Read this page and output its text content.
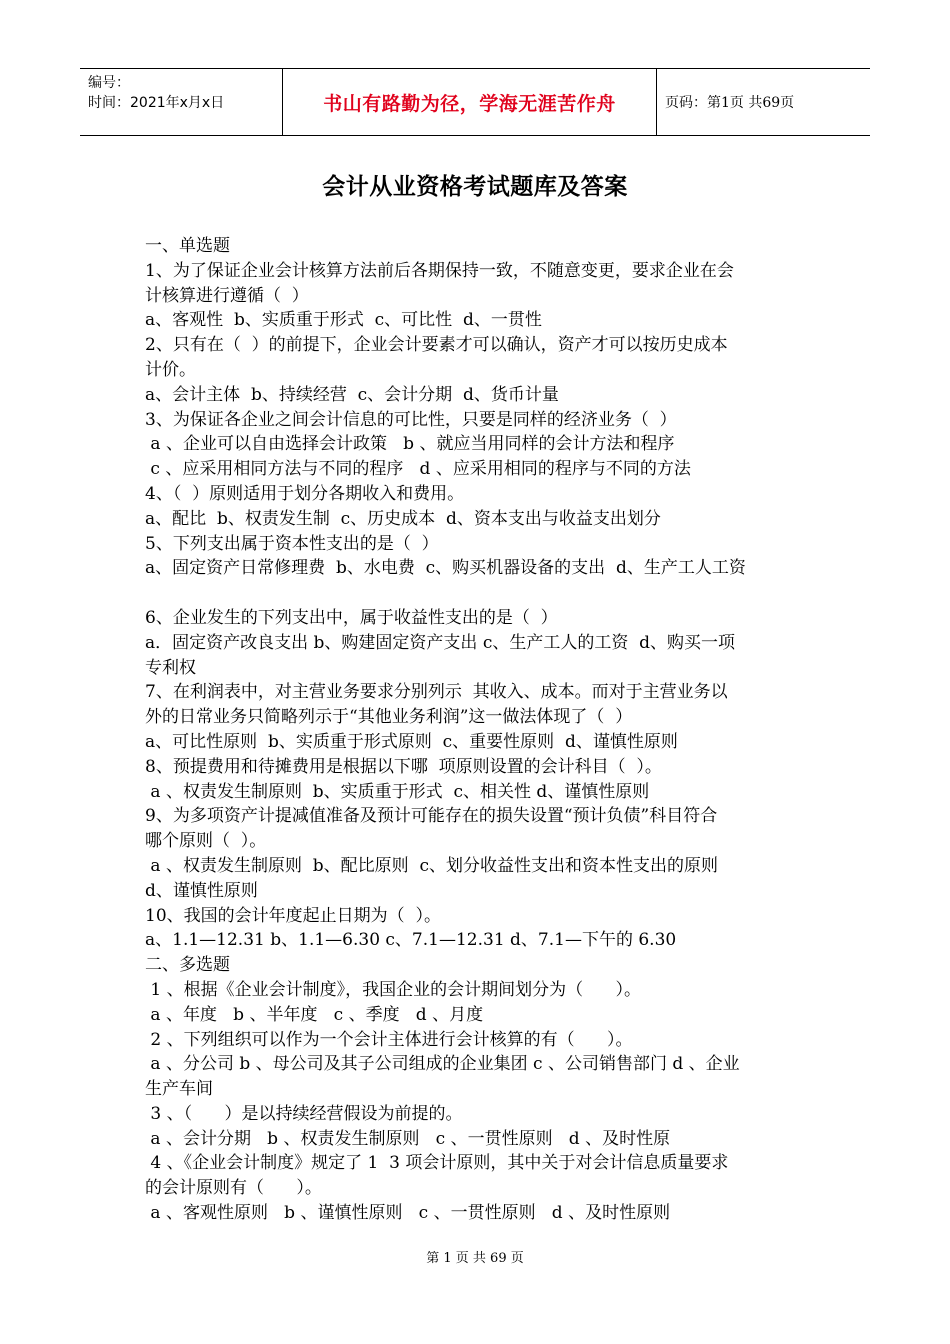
编号：
时间：2021年x月x日	书山有路勤为径，学海无涯苦作舟	页码：第1页 共69页
会计从业资格考试题库及答案

一、单选题

1、为了保证企业会计核算方法前后各期保持一致，不随意变更，要求企业在会

计核算进行遵循（  ）

a、客观性  b、实质重于形式  c、可比性  d、一贯性

2、只有在（  ）的前提下，企业会计要素才可以确认，资产才可以按历史成本

计价。

a、会计主体  b、持续经营  c、会计分期  d、货币计量

3、为保证各企业之间会计信息的可比性，只要是同样的经济业务（  ）

a 、企业可以自由选择会计政策   b 、就应当用同样的会计方法和程序

c 、应采用相同方法与不同的程序   d 、应采用相同的程序与不同的方法

4、（  ）原则适用于划分各期收入和费用。

a、配比  b、权责发生制  c、历史成本  d、资本支出与收益支出划分

5、下列支出属于资本性支出的是（  ）

a、固定资产日常修理费  b、水电费  c、购买机器设备的支出  d、生产工人工资

6、企业发生的下列支出中，属于收益性支出的是（  ）

a．固定资产改良支出 b、购建固定资产支出 c、生产工人的工资  d、购买一项

专利权

7、在利润表中，对主营业务要求分别列示  其收入、成本。而对于主营业务以

外的日常业务只简略列示于“其他业务利润”这一做法体现了（  ）

a、可比性原则  b、实质重于形式原则  c、重要性原则  d、谨慎性原则

8、预提费用和待摊费用是根据以下哪  项原则设置的会计科目（  ）。

a 、权责发生制原则  b、实质重于形式  c、相关性 d、谨慎性原则

9、为多项资产计提减值准备及预计可能存在的损失设置“预计负债”科目符合

哪个原则（  ）。

a 、权责发生制原则  b、配比原则  c、划分收益性支出和资本性支出的原则

d、谨慎性原则

10、我国的会计年度起止日期为（  ）。

a、1.1—12.31 b、1.1—6.30 c、7.1—12.31 d、7.1—下午的 6.30

二、多选题

1 、根据《企业会计制度》，我国企业的会计期间划分为（      ）。

a 、年度   b 、半年度   c 、季度   d 、月度

2 、下列组织可以作为一个会计主体进行会计核算的有（      ）。

a 、分公司 b 、母公司及其子公司组成的企业集团 c 、公司销售部门 d 、企业

生产车间

3 、（      ）是以持续经营假设为前提的。

a 、会计分期   b 、权责发生制原则   c 、一贯性原则   d 、及时性原

4 、《企业会计制度》规定了 1  3 项会计原则，其中关于对会计信息质量要求

的会计原则有（      ）。

a 、客观性原则   b 、谨慎性原则   c 、一贯性原则   d 、及时性原则

第 1 页 共 69 页
